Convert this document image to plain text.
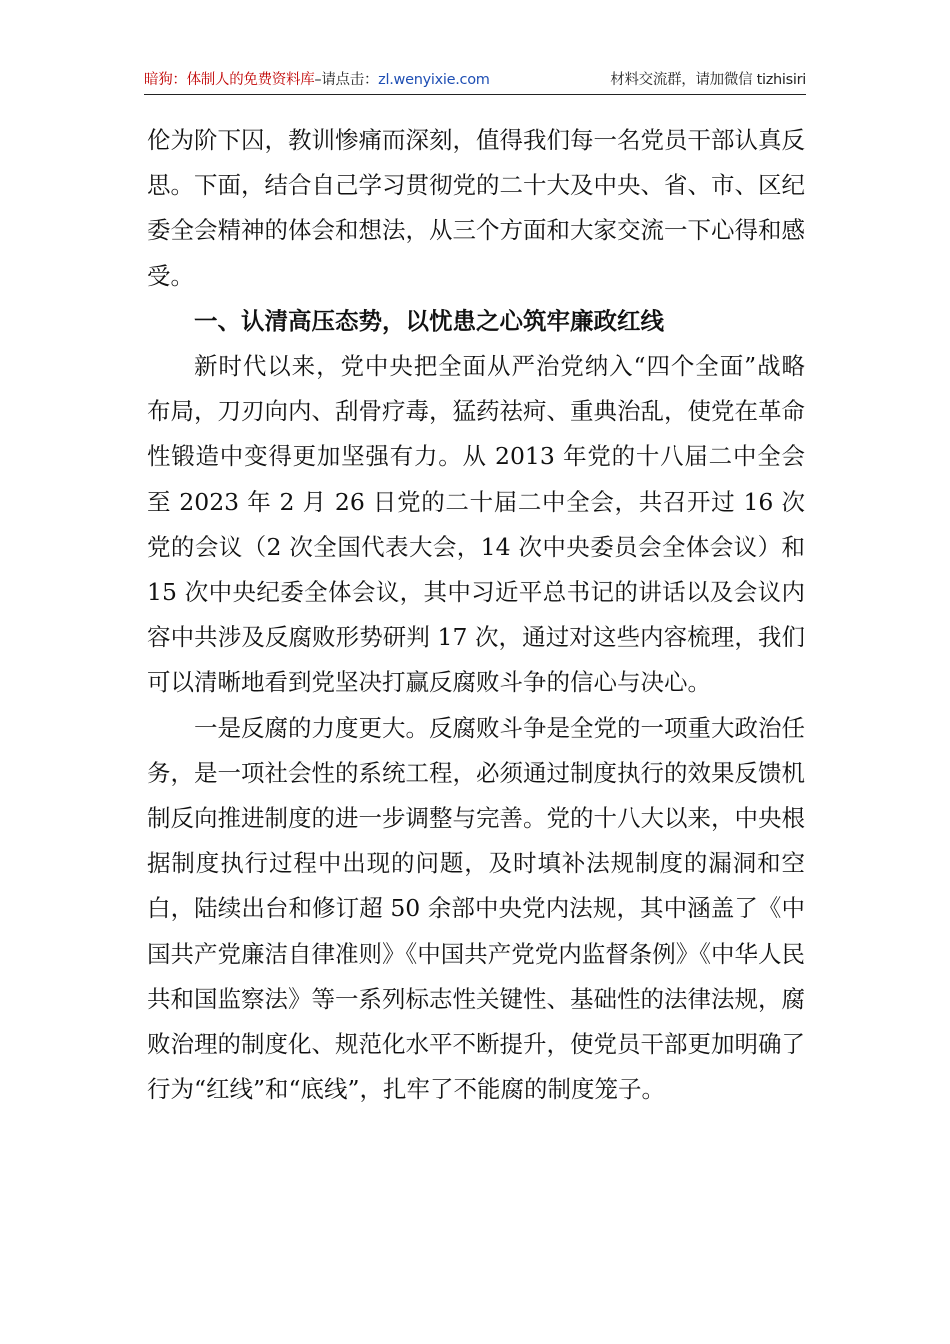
暗狗：体制人的免费资料库–请点击：zl.wenyixie.com	材料交流群，请加微信 tizhisiri

伦为阶下囚，教训惨痛而深刻，值得我们每一名党员干部认真反思。下面，结合自己学习贯彻党的二十大及中央、省、市、区纪委全会精神的体会和想法，从三个方面和大家交流一下心得和感受。

一、认清高压态势，以忧患之心筑牢廉政红线

新时代以来，党中央把全面从严治党纳入“四个全面”战略布局，刀刃向内、刮骨疗毒，猛药祛疴、重典治乱，使党在革命性锻造中变得更加坚强有力。从 2013 年党的十八届二中全会至 2023 年 2 月 26 日党的二十届二中全会，共召开过 16 次党的会议（2 次全国代表大会，14 次中央委员会全体会议）和 15 次中央纪委全体会议，其中习近平总书记的讲话以及会议内容中共涉及反腐败形势研判 17 次，通过对这些内容梳理，我们可以清晰地看到党坚决打赢反腐败斗争的信心与决心。

一是反腐的力度更大。反腐败斗争是全党的一项重大政治任务，是一项社会性的系统工程，必须通过制度执行的效果反馈机制反向推进制度的进一步调整与完善。党的十八大以来，中央根据制度执行过程中出现的问题，及时填补法规制度的漏洞和空白，陆续出台和修订超 50 余部中央党内法规，其中涵盖了《中国共产党廉洁自律准则》《中国共产党党内监督条例》《中华人民共和国监察法》等一系列标志性关键性、基础性的法律法规，腐败治理的制度化、规范化水平不断提升，使党员干部更加明确了行为“红线”和“底线”，扎牢了不能腐的制度笼子。
